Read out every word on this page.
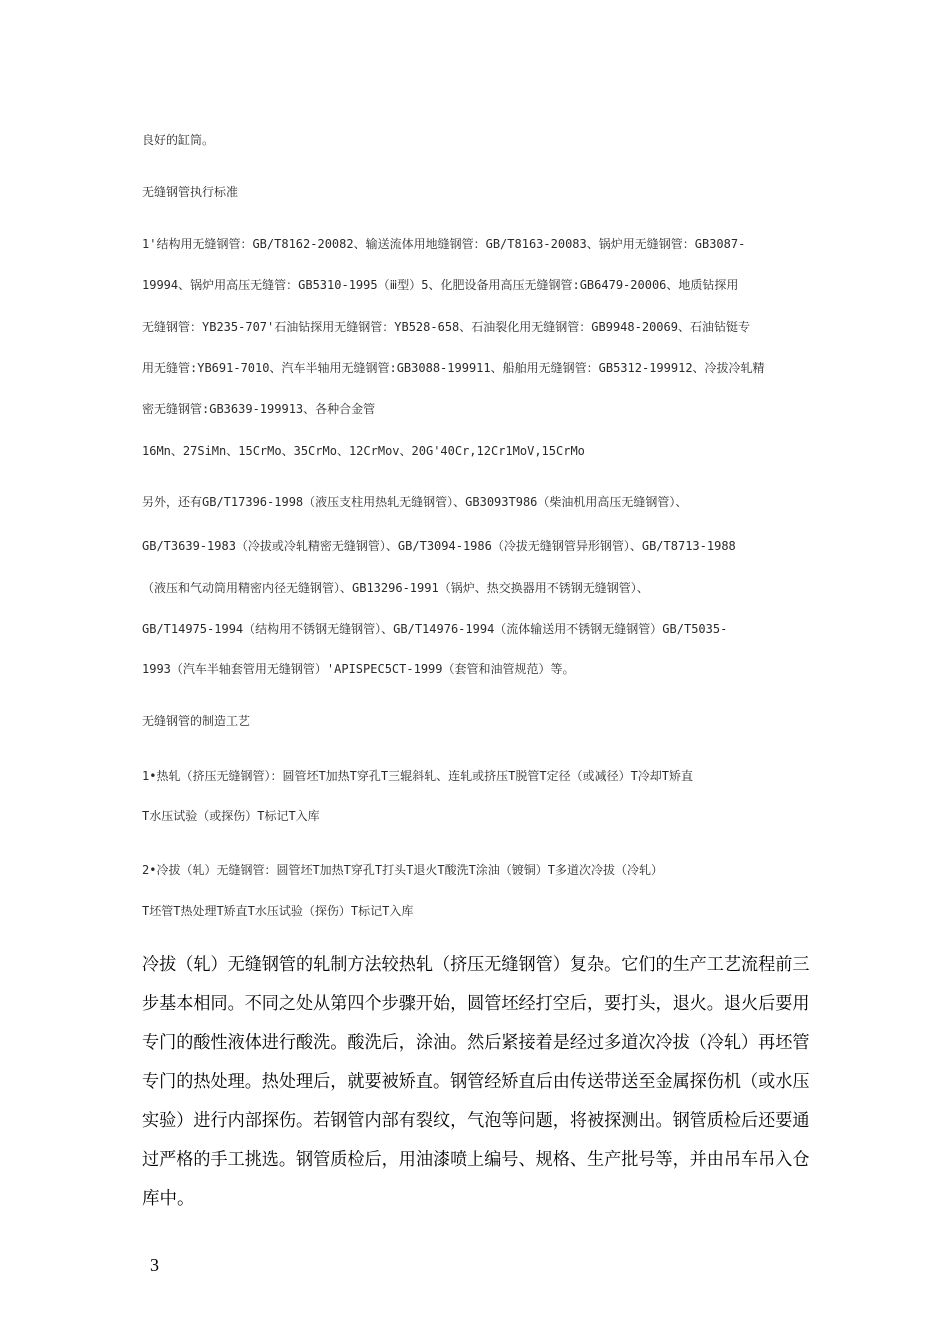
良好的缸筒。
无缝钢管执行标准
1'结构用无缝钢管：GB/T8162-20082、输送流体用地缝钢管：GB/T8163-20083、锅炉用无缝钢管：GB3087-
19994、锅炉用高压无缝管：GB5310-1995（ⅲ型）5、化肥设备用高压无缝钢管:GB6479-20006、地质钻探用
无缝钢管：YB235-707'石油钻探用无缝钢管：YB528-658、石油裂化用无缝钢管：GB9948-20069、石油钻铤专
用无缝管:YB691-7010、汽车半轴用无缝钢管:GB3088-199911、船舶用无缝钢管：GB5312-199912、冷拔冷轧精
密无缝钢管:GB3639-199913、各种合金管
16Mn、27SiMn、15CrMo、35CrMo、12CrMov、20G'40Cr,12Cr1MoV,15CrMo
另外，还有GB/T17396-1998（液压支柱用热轧无缝钢管）、GB3093T986（柴油机用高压无缝钢管）、
GB/T3639-1983（冷拔或冷轧精密无缝钢管）、GB/T3094-1986（冷拔无缝钢管异形钢管）、GB/T8713-1988
（液压和气动筒用精密内径无缝钢管）、GB13296-1991（锅炉、热交换器用不锈钢无缝钢管）、
GB/T14975-1994（结构用不锈钢无缝钢管）、GB/T14976-1994（流体输送用不锈钢无缝钢管）GB/T5035-
1993（汽车半轴套管用无缝钢管）'APISPEC5CT-1999（套管和油管规范）等。
无缝钢管的制造工艺
1•热轧（挤压无缝钢管）：圆管坯T加热T穿孔T三辊斜轧、连轧或挤压T脱管T定径（或减径）T冷却T矫直
T水压试验（或探伤）T标记T入库
2•冷拔（轧）无缝钢管：圆管坯T加热T穿孔T打头T退火T酸洗T涂油（镀铜）T多道次冷拔（冷轧）
T坯管T热处理T矫直T水压试验（探伤）T标记T入库
冷拔（轧）无缝钢管的轧制方法较热轧（挤压无缝钢管）复杂。它们的生产工艺流程前三
步基本相同。不同之处从第四个步骤开始，圆管坯经打空后，要打头，退火。退火后要用
专门的酸性液体进行酸洗。酸洗后，涂油。然后紧接着是经过多道次冷拔（冷轧）再坯管
专门的热处理。热处理后，就要被矫直。钢管经矫直后由传送带送至金属探伤机（或水压
实验）进行内部探伤。若钢管内部有裂纹，气泡等问题，将被探测出。钢管质检后还要通
过严格的手工挑选。钢管质检后，用油漆喷上编号、规格、生产批号等，并由吊车吊入仓
库中。
3
